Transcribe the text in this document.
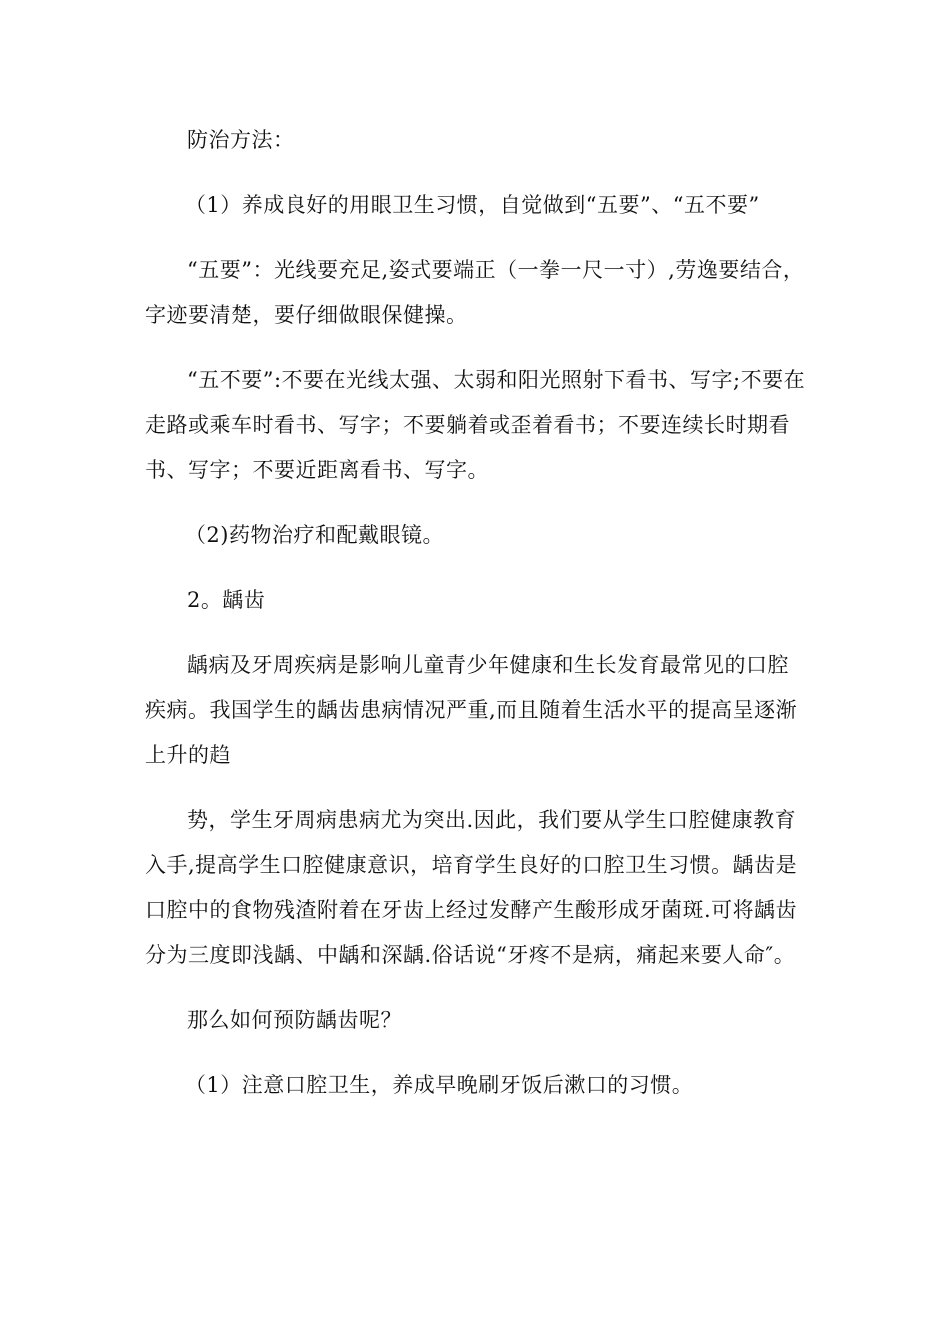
防治方法：

（1）养成良好的用眼卫生习惯，自觉做到“五要”、“五不要”

“五要”：光线要充足,姿式要端正（一拳一尺一寸）,劳逸要结合，字迹要清楚，要仔细做眼保健操。

“五不要”:不要在光线太强、太弱和阳光照射下看书、写字;不要在走路或乘车时看书、写字；不要躺着或歪着看书；不要连续长时期看书、写字；不要近距离看书、写字。

（2)药物治疗和配戴眼镜。

2。龋齿

龋病及牙周疾病是影响儿童青少年健康和生长发育最常见的口腔疾病。我国学生的龋齿患病情况严重,而且随着生活水平的提高呈逐渐上升的趋

势，学生牙周病患病尤为突出.因此，我们要从学生口腔健康教育入手,提高学生口腔健康意识，培育学生良好的口腔卫生习惯。龋齿是口腔中的食物残渣附着在牙齿上经过发酵产生酸形成牙菌斑.可将龋齿分为三度即浅龋、中龋和深龋.俗话说“牙疼不是病，痛起来要人命″。

那么如何预防龋齿呢？

（1）注意口腔卫生，养成早晚刷牙饭后漱口的习惯。
